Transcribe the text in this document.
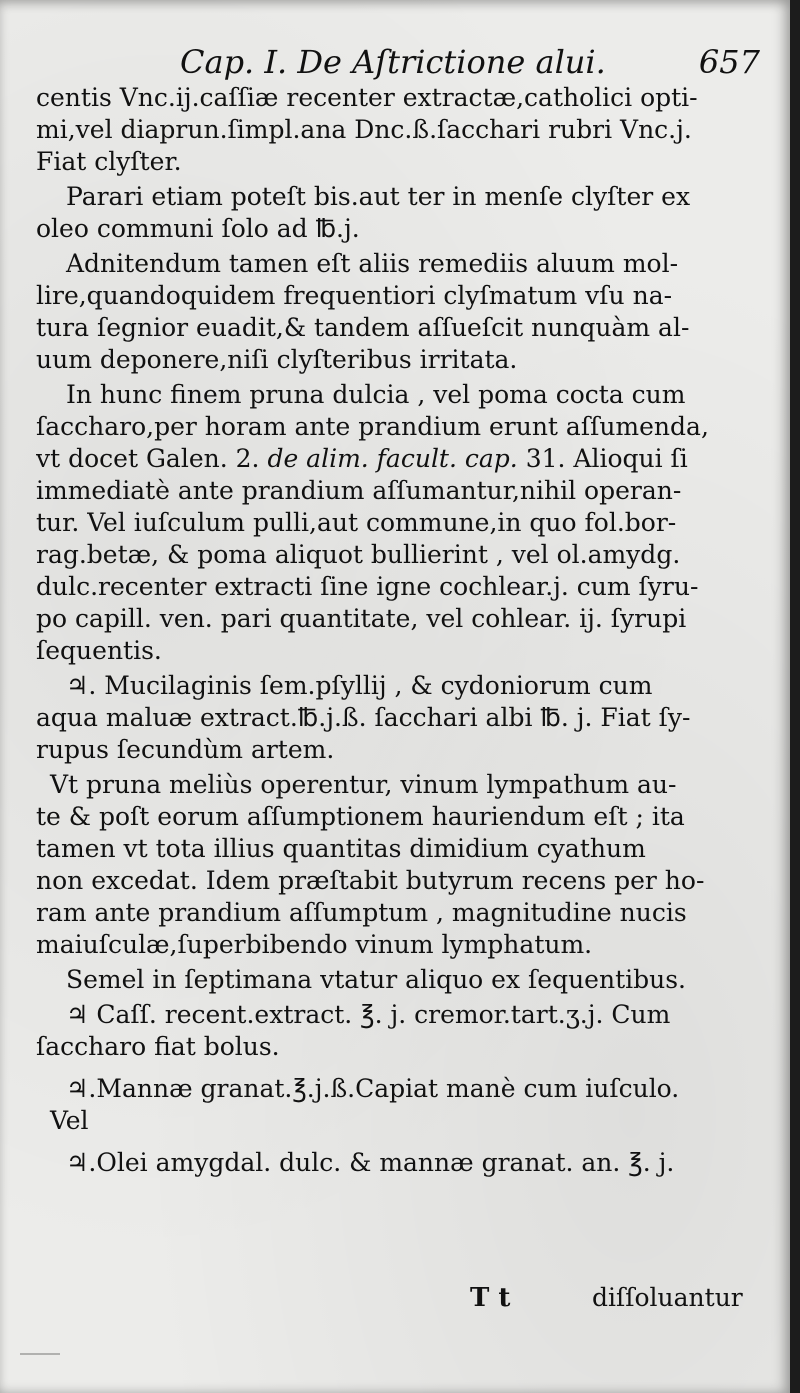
Cap. I. De Aſtrictione alui.	657
centis Vnc.ij.caſſiæ recenter extractæ,catholici opti-
mi,vel diaprun.ſimpl.ana Dnc.ß.ſacchari rubri Vnc.j.
Fiat clyſter.
Parari etiam poteſt bis.aut ter in menſe clyſter ex
oleo communi ſolo ad ℔.j.
Adnitendum tamen eſt aliis remediis aluum mol-
lire,quandoquidem frequentiori clyſmatum vſu na-
tura ſegnior euadit,& tandem aſſueſcit nunquàm al-
uum deponere,niſi clyſteribus irritata.
In hunc finem pruna dulcia , vel poma cocta cum
ſaccharo,per horam ante prandium erunt aſſumenda,
vt docet Galen. 2. de alim. facult. cap. 31. Alioqui ſi
immediatè ante prandium aſſumantur,nihil operan-
tur. Vel iuſculum pulli,aut commune,in quo fol.bor-
rag.betæ, & poma aliquot bullierint , vel ol.amydg.
dulc.recenter extracti ſine igne cochlear.j. cum ſyru-
po capill. ven. pari quantitate, vel cohlear. ij. ſyrupi
ſequentis.
♃. Mucilaginis ſem.pſyllij , & cydoniorum cum
aqua maluæ extract.℔.j.ß. ſacchari albi ℔. j. Fiat ſy-
rupus ſecundùm artem.
Vt pruna meliùs operentur, vinum lympathum au-
te & poſt eorum aſſumptionem hauriendum eſt ; ita
tamen vt tota illius quantitas dimidium cyathum
non excedat. Idem præſtabit butyrum recens per ho-
ram ante prandium aſſumptum , magnitudine nucis
maiuſculæ,ſuperbibendo vinum lymphatum.
Semel in ſeptimana vtatur aliquo ex ſequentibus.
♃ Caſſ. recent.extract. ℥. j. cremor.tart.ʒ.j. Cum
ſaccharo fiat bolus.
♃.Mannæ granat.℥.j.ß.Capiat manè cum iuſculo.
Vel
♃.Olei amygdal. dulc. & mannæ granat. an. ℥. j.
T t	diſſoluantur
